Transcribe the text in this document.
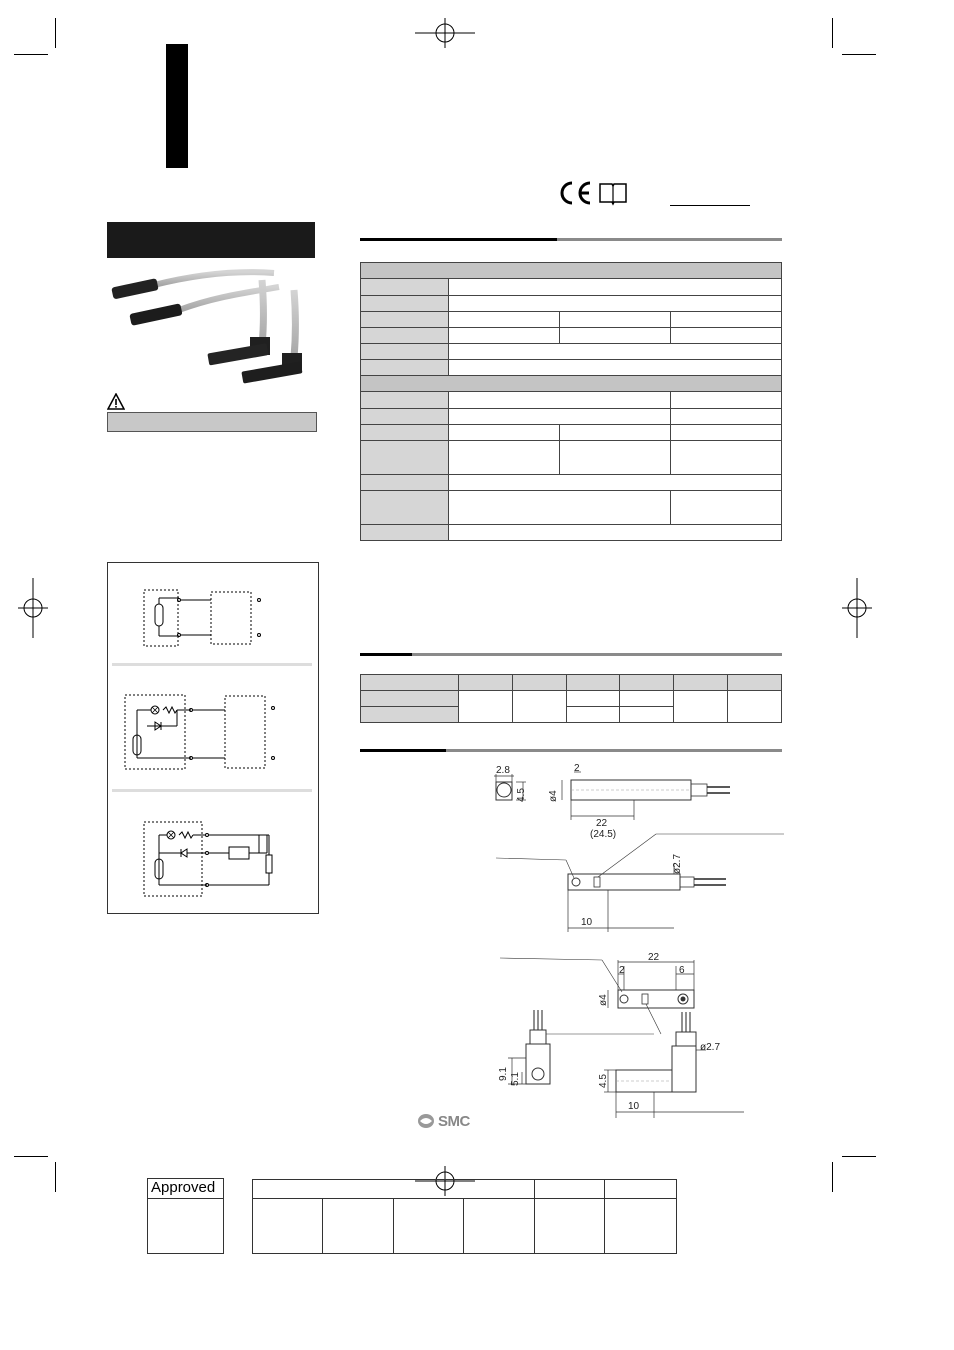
2.8
4.5
22
(24.5)
2
ø4
ø2.7
10
22
2	6
ø4
9.1 5.1
ø2.7
4.5
10
SMC
Approved
